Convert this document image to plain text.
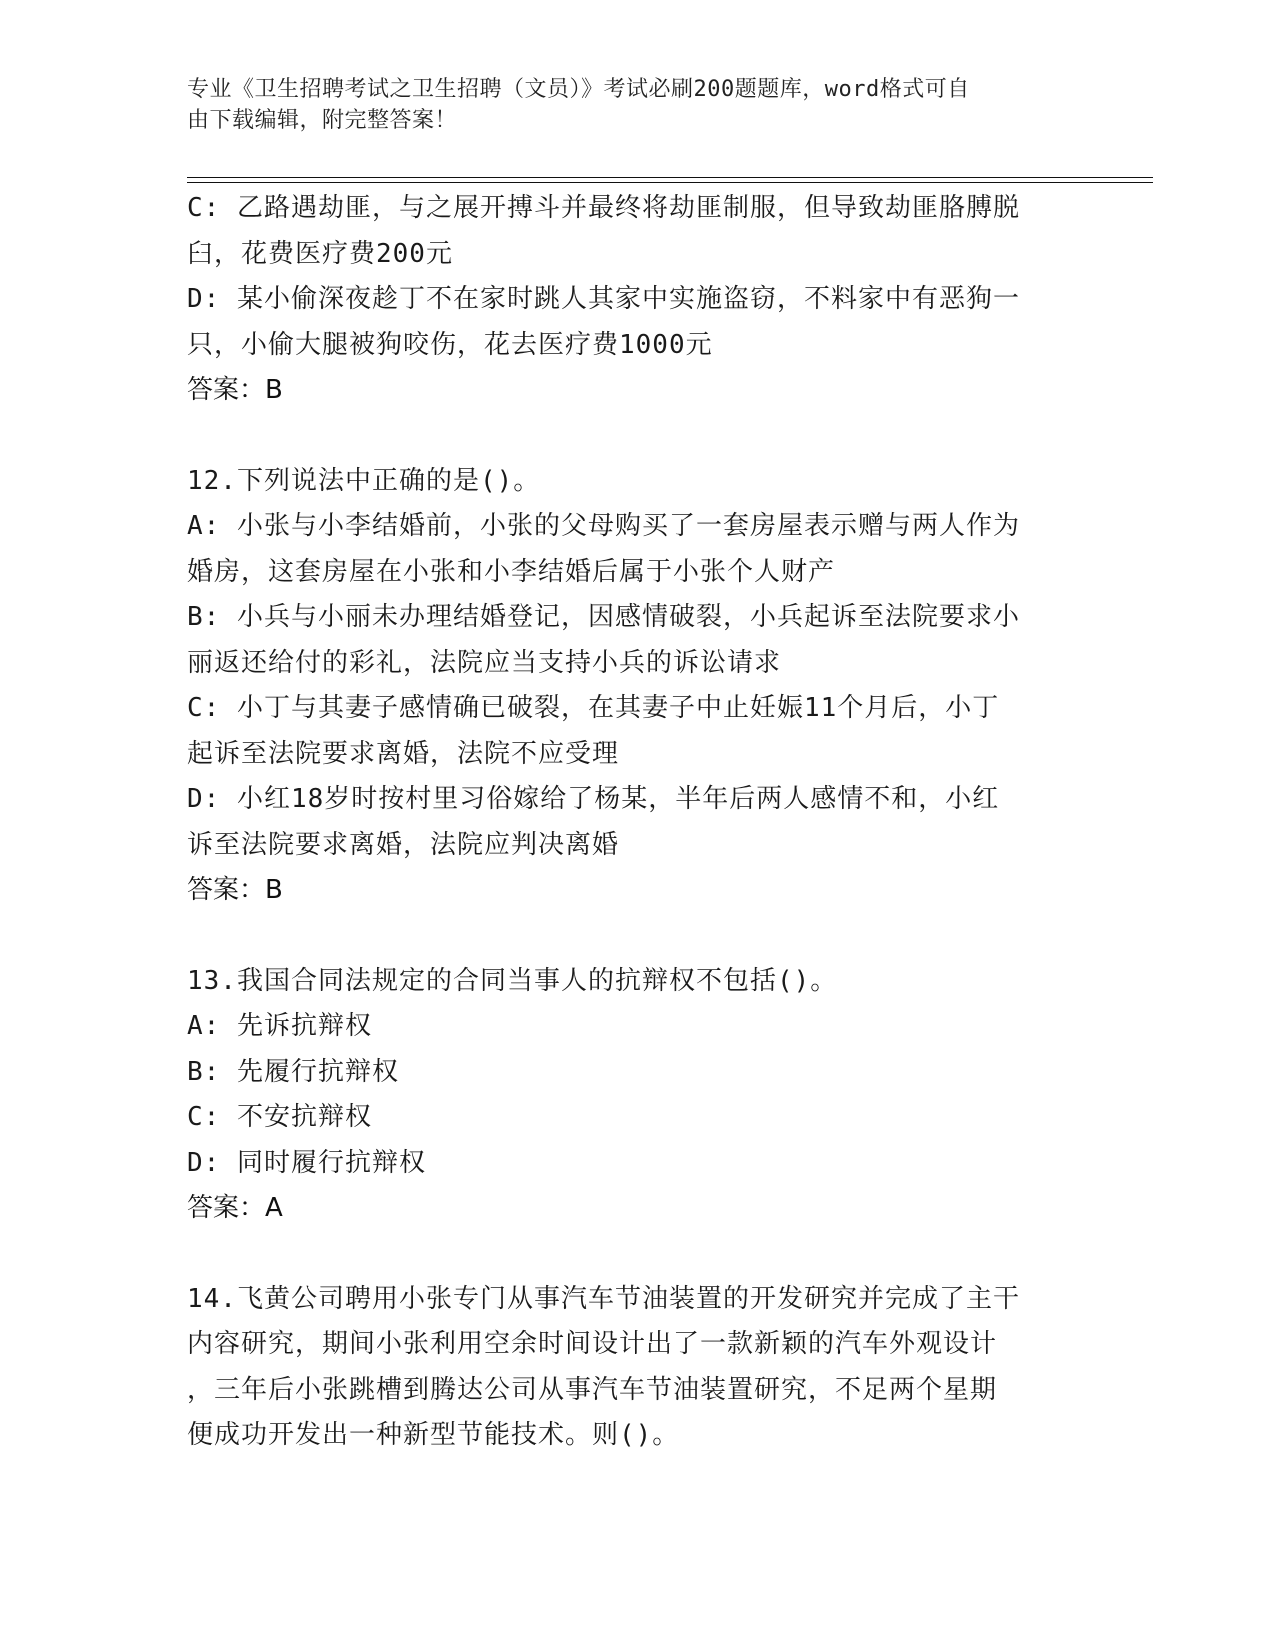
专业《卫生招聘考试之卫生招聘（文员）》考试必刷200题题库，word格式可自
由下载编辑，附完整答案！
C: 乙路遇劫匪，与之展开搏斗并最终将劫匪制服，但导致劫匪胳膊脱
臼，花费医疗费200元
D: 某小偷深夜趁丁不在家时跳人其家中实施盗窃，不料家中有恶狗一
只，小偷大腿被狗咬伤，花去医疗费1000元
答案：B
12.下列说法中正确的是()。
A: 小张与小李结婚前，小张的父母购买了一套房屋表示赠与两人作为
婚房，这套房屋在小张和小李结婚后属于小张个人财产
B: 小兵与小丽未办理结婚登记，因感情破裂，小兵起诉至法院要求小
丽返还给付的彩礼，法院应当支持小兵的诉讼请求
C: 小丁与其妻子感情确已破裂，在其妻子中止妊娠11个月后，小丁
起诉至法院要求离婚，法院不应受理
D: 小红18岁时按村里习俗嫁给了杨某，半年后两人感情不和，小红
诉至法院要求离婚，法院应判决离婚
答案：B
13.我国合同法规定的合同当事人的抗辩权不包括()。
A: 先诉抗辩权
B: 先履行抗辩权
C: 不安抗辩权
D: 同时履行抗辩权
答案：A
14.飞黄公司聘用小张专门从事汽车节油装置的开发研究并完成了主干
内容研究，期间小张利用空余时间设计出了一款新颖的汽车外观设计
，三年后小张跳槽到腾达公司从事汽车节油装置研究，不足两个星期
便成功开发出一种新型节能技术。则()。
